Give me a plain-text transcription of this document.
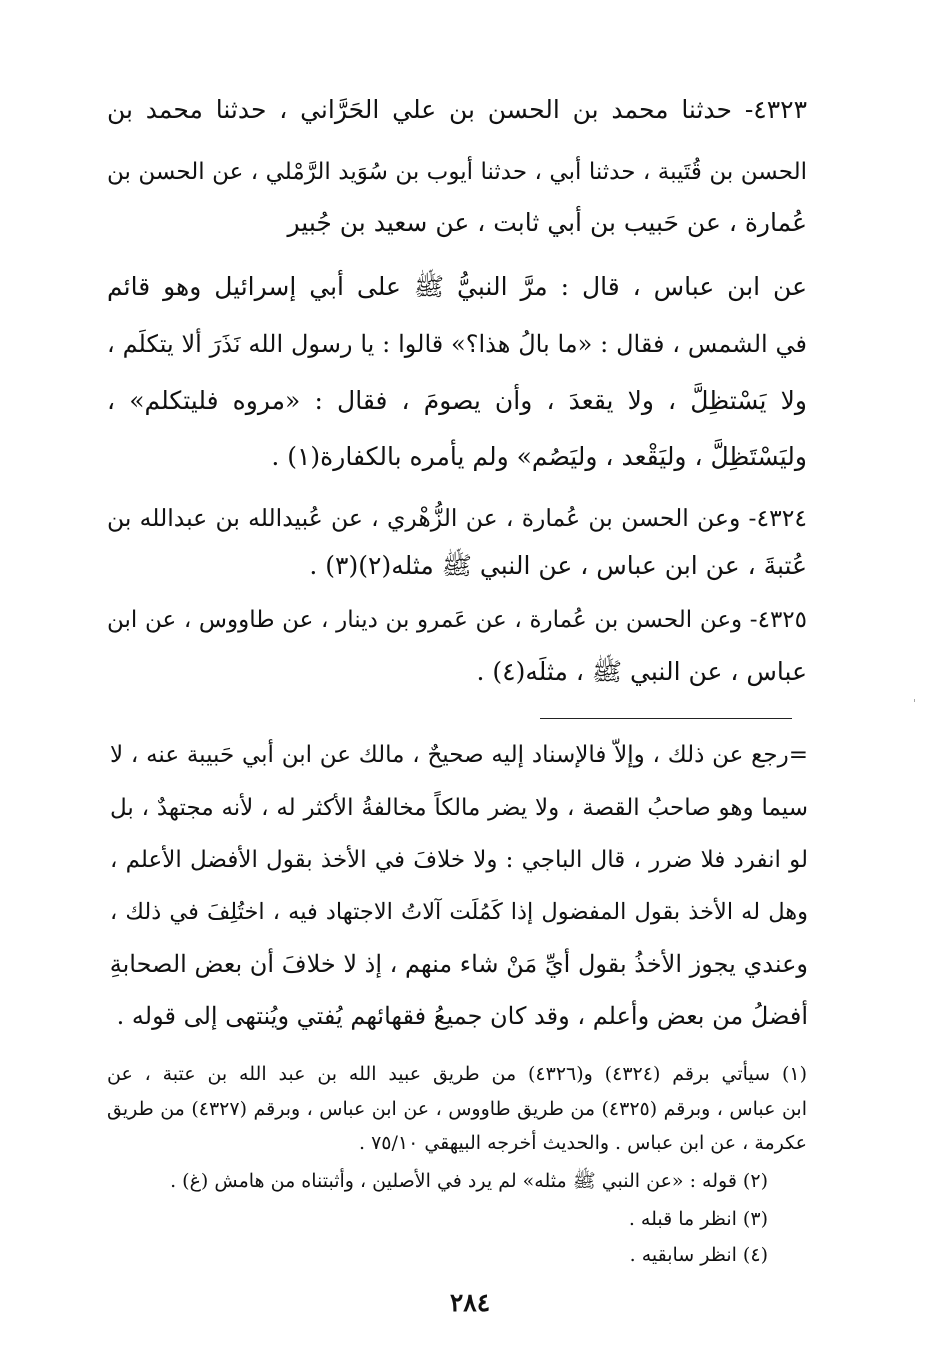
٤٣٢٣- حدثنا محمد بن الحسن بن علي الحَرَّاني ، حدثنا محمد بن
الحسن بن قُتَيبة ، حدثنا أبي ، حدثنا أيوب بن سُوَيد الرَّمْلي ، عن الحسن بن
عُمارة ، عن حَبيب بن أبي ثابت ، عن سعيد بن جُبير
عن ابن عباس ، قال : مرَّ النبيُّ ﷺ على أبي إسرائيل وهو قائم
في الشمس ، فقال : «ما بالُ هذا؟» قالوا : يا رسول الله نَذَرَ ألا يتكلَم ،
ولا يَسْتظِلَّ ، ولا يقعدَ ، وأن يصومَ ، فقال : «مروه فليتكلم» ،
وليَسْتَظِلَّ ، وليَقْعد ، وليَصُم» ولم يأمره بالكفارة(١) .
٤٣٢٤- وعن الحسن بن عُمارة ، عن الزُّهْري ، عن عُبيدالله بن عبدالله بن
عُتبةَ ، عن ابن عباس ، عن النبي ﷺ مثله(٢)(٣) .
٤٣٢٥- وعن الحسن بن عُمارة ، عن عَمرو بن دينار ، عن طاووس ، عن ابن
عباس ، عن النبي ﷺ ، مثلَه(٤) .
'
=رجع عن ذلك ، وإلاّ فالإسناد إليه صحيحٌ ، مالك عن ابن أبي حَبيبة عنه ، لا
سيما وهو صاحبُ القصة ، ولا يضر مالكاً مخالفةُ الأكثر له ، لأنه مجتهدٌ ، بل
لو انفرد فلا ضرر ، قال الباجي : ولا خلافَ في الأخذ بقول الأفضل الأعلم ،
وهل له الأخذ بقول المفضول إذا كَمُلَت آلاتُ الاجتهاد فيه ، اختُلِفَ في ذلك ،
وعندي يجوز الأخذُ بقول أيِّ مَنْ شاء منهم ، إذ لا خلافَ أن بعض الصحابةِ
أفضلُ من بعض وأعلم ، وقد كان جميعُ فقهائهم يُفتي ويُنتهى إلى قوله .
(١) سيأتي برقم (٤٣٢٤) و(٤٣٢٦) من طريق عبيد الله بن عبد الله بن عتبة ، عن
ابن عباس ، وبرقم (٤٣٢٥) من طريق طاووس ، عن ابن عباس ، وبرقم (٤٣٢٧) من طريق
عكرمة ، عن ابن عباس . والحديث أخرجه البيهقي ٧٥/١٠ .
(٢) قوله : «عن النبي ﷺ مثله» لم يرد في الأصلين ، وأثبتناه من هامش (غ) .
(٣) انظر ما قبله .
(٤) انظر سابقيه .
٢٨٤
